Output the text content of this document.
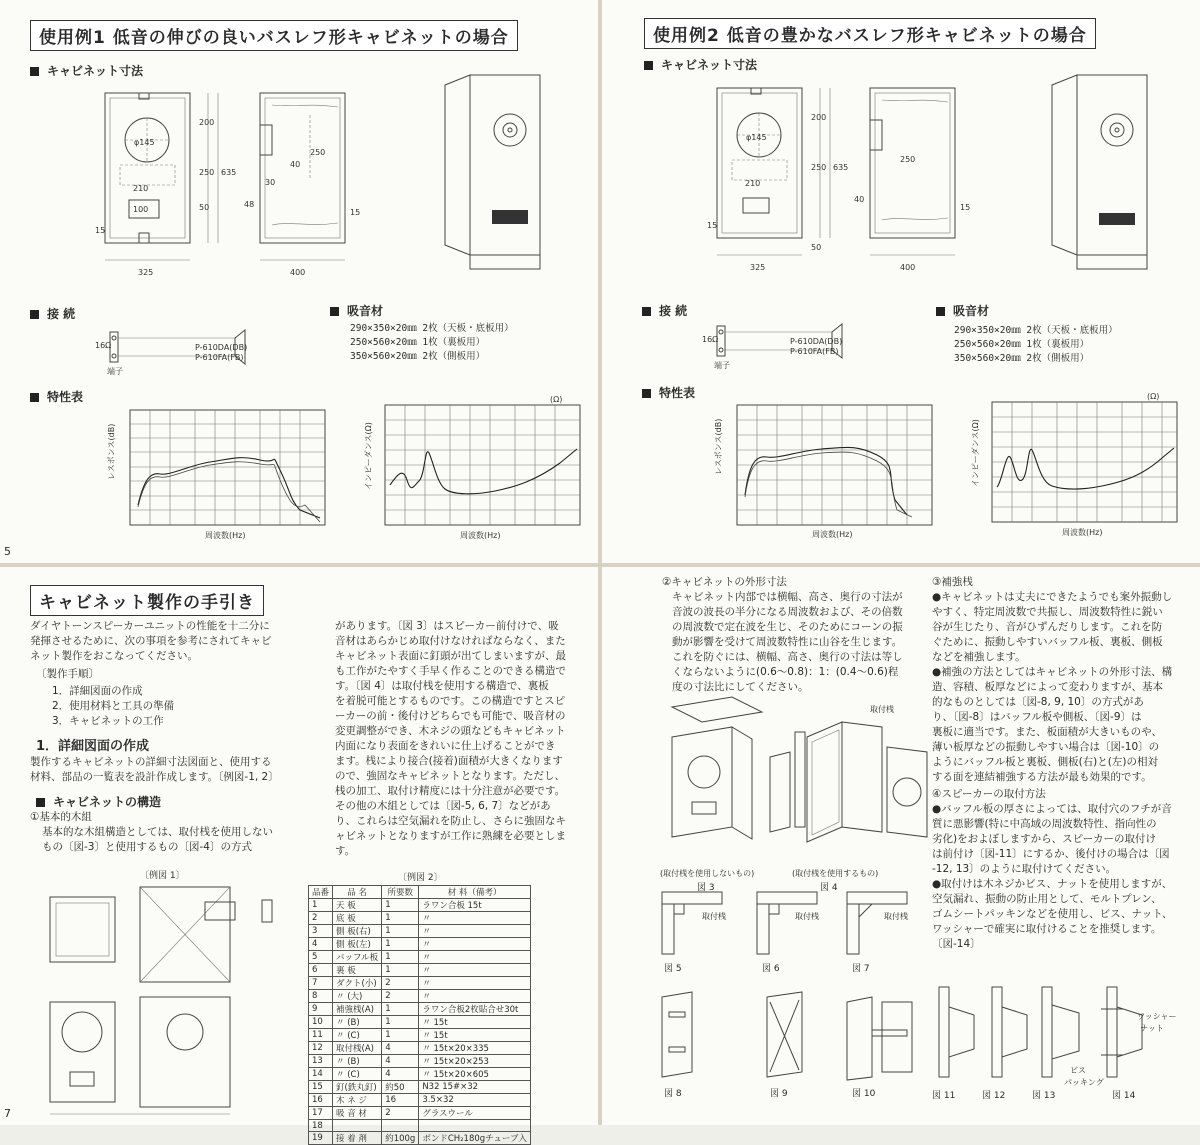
使用例1 低音の伸びの良いバスレフ形キャビネットの場合
キャビネット寸法
φ145
210
100
15
325
200
250 635
50
400
250
40
30
48
15
接 続
16Ω
端子
P-610DA(DB)
P-610FA(FB)
吸音材
290×350×20㎜ 2枚（天板・底板用）
250×560×20㎜ 1枚（裏板用）
350×560×20㎜ 2枚（側板用）
特性表
レスポンス(dB)
周波数(Hz)
(Ω)
インピーダンス(Ω)
周波数(Hz)
5
使用例2 低音の豊かなバスレフ形キャビネットの場合
キャビネット寸法
φ145
210
15
325
200
250 635
50
400
250
40
15
接 続
16Ω
端子
P-610DA(DB)
P-610FA(FB)
吸音材
290×350×20㎜ 2枚（天板・底板用）
250×560×20㎜ 1枚（裏板用）
350×560×20㎜ 2枚（側板用）
特性表
レスポンス(dB)
周波数(Hz)
(Ω)
インピーダンス(Ω)
周波数(Hz)
キャビネット製作の手引き
ダイヤトーンスピーカーユニットの性能を十二分に
発揮させるために、次の事項を参考にされてキャビ
ネット製作をおこなってください。
〔製作手順〕
1．詳細図面の作成
2．使用材料と工具の準備
3．キャビネットの工作
1．詳細図面の作成
製作するキャビネットの詳細寸法図面と、使用する
材料、部品の一覧表を設計作成します。〔例図-1, 2〕
キャビネットの構造
①基本的木組
基本的な木組構造としては、取付桟を使用しない
もの〔図-3〕と使用するもの〔図-4〕の方式
があります。〔図 3〕はスピーカー前付けで、吸
音材はあらかじめ取付けなければならなく、また
キャビネット表面に釘頭が出てしまいますが、最
も工作がたやすく手早く作ることのできる構造で
す。〔図 4〕は取付桟を使用する構造で、裏板
を着脱可能とするものです。この構造ですとスピ
ーカーの前・後付けどちらでも可能で、吸音材の
変更調整ができ、木ネジの頭などもキャビネット
内面になり表面をきれいに仕上げることができ
ます。桟により接合(接着)面積が大きくなります
ので、強固なキャビネットとなります。ただし、
桟の加工、取付け精度には十分注意が必要です。
その他の木組としては〔図-5, 6, 7〕などがあ
り、これらは空気漏れを防止し、さらに強固なキ
ャビネットとなりますが工作に熟練を必要としま
す。
〔例図 1〕	〔例図 2〕
品番	品 名	所要数	材 料（備考）
1	天 板	1	ラワン合板 15t
2	底 板	1	〃
3	側 板(右)	1	〃
4	側 板(左)	1	〃
5	バッフル板	1	〃
6	裏 板	1	〃
7	ダクト(小)	2	〃
8	〃 (大)	2	〃
9	補強桟(A)	1	ラワン合板2枚貼合せ30t
10	〃 (B)	1	〃 15t
11	〃 (C)	1	〃 15t
12	取付桟(A)	4	〃 15t×20×335
13	〃 (B)	4	〃 15t×20×253
14	〃 (C)	4	〃 15t×20×605
15	釘(鉄丸釘)	約50	N32 15#×32
16	木 ネ ジ	16	3.5×32
17	吸 音 材	2	グラスウール
18			
19	接 着 剤	約100g	ボンドCH₂180gチューブ入
7
②キャビネットの外形寸法
キャビネット内部では横幅、高さ、奥行の寸法が
音波の波長の半分になる周波数および、その倍数
の周波数で定在波を生じ、そのためにコーンの振
動が影響を受けて周波数特性に山谷を生じます。
これを防ぐには、横幅、高さ、奥行の寸法は等し
くならないように(0.6〜0.8)：1：(0.4〜0.6)程
度の寸法比にしてください。
③補強桟
●キャビネットは丈夫にできたようでも案外振動し
やすく、特定周波数で共振し、周波数特性に鋭い
谷が生じたり、音がひずんだりします。これを防
ぐために、振動しやすいバッフル板、裏板、側板
などを補強します。
●補強の方法としてはキャビネットの外形寸法、構
造、容積、板厚などによって変わりますが、基本
的なものとしては〔図-8, 9, 10〕の方式があ
り、〔図-8〕はバッフル板や側板、〔図-9〕は
裏板に適当です。また、板面積が大きいものや、
薄い板厚などの振動しやすい場合は〔図-10〕の
ようにバッフル板と裏板、側板(右)と(左)の相対
する面を連結補強する方法が最も効果的です。
④スピーカーの取付方法
●バッフル板の厚さによっては、取付穴のフチが音
質に悪影響(特に中高域の周波数特性、指向性の
劣化)をおよぼしますから、スピーカーの取付け
は前付け〔図-11〕にするか、後付けの場合は〔図
-12, 13〕のように取付けてください。
●取付けは木ネジかビス、ナットを使用しますが、
空気漏れ、振動の防止用として、モルトプレン、
ゴムシートパッキンなどを使用し、ビス、ナット、
ワッシャーで確実に取付けることを推奨します。
〔図-14〕
(取付桟を使用しないもの)
図 3
取付桟
(取付桟を使用するもの)
図 4
取付桟
図 5
取付桟
図 6
取付桟
図 7
図 8	図 9	図 10	図 11	図 12	図 13
ワッシャー
ナット
ビス
パッキング
図 14
